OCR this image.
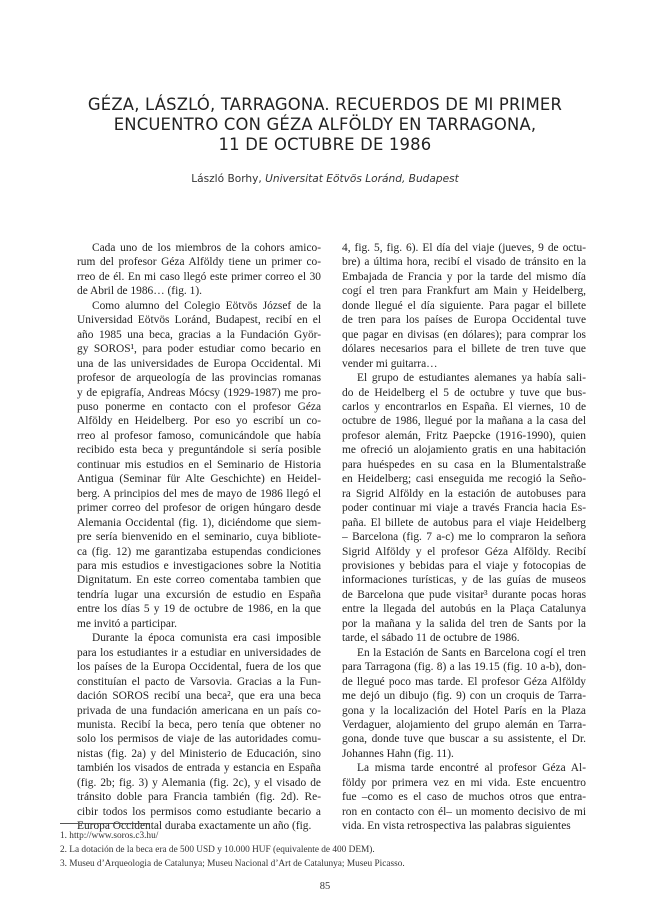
GÉZA, LÁSZLÓ, TARRAGONA. RECUERDOS DE MI PRIMER
ENCUENTRO CON GÉZA ALFÖLDY EN TARRAGONA,
11 DE OCTUBRE DE 1986
László Borhy, Universitat Eötvös Loránd, Budapest
Cada uno de los miembros de la cohors amico-
rum del profesor Géza Alföldy tiene un primer co-
rreo de él. En mi caso llegó este primer correo el 30
de Abril de 1986… (fig. 1).
Como alumno del Colegio Eötvös József de la
Universidad Eötvös Loránd, Budapest, recibí en el
año 1985 una beca, gracias a la Fundación Györ-
gy SOROS¹, para poder estudiar como becario en
una de las universidades de Europa Occidental. Mi
profesor de arqueología de las provincias romanas
y de epigrafía, Andreas Mócsy (1929-1987) me pro-
puso ponerme en contacto con el profesor Géza
Alföldy en Heidelberg. Por eso yo escribí un co-
rreo al profesor famoso, comunicándole que había
recibido esta beca y preguntándole si sería posible
continuar mis estudios en el Seminario de Historia
Antigua (Seminar für Alte Geschichte) en Heidel-
berg. A principios del mes de mayo de 1986 llegó el
primer correo del profesor de origen húngaro desde
Alemania Occidental (fig. 1), diciéndome que siem-
pre sería bienvenido en el seminario, cuya bibliote-
ca (fig. 12) me garantizaba estupendas condiciones
para mis estudios e investigaciones sobre la Notitia
Dignitatum. En este correo comentaba tambien que
tendría lugar una excursión de estudio en España
entre los días 5 y 19 de octubre de 1986, en la que
me invitó a participar.
Durante la época comunista era casi imposible
para los estudiantes ir a estudiar en universidades de
los países de la Europa Occidental, fuera de los que
constituían el pacto de Varsovia. Gracias a la Fun-
dación SOROS recibí una beca², que era una beca
privada de una fundación americana en un país co-
munista. Recibí la beca, pero tenía que obtener no
solo los permisos de viaje de las autoridades comu-
nistas (fig. 2a) y del Ministerio de Educación, sino
también los visados de entrada y estancia en España
(fig. 2b; fig. 3) y Alemania (fig. 2c), y el visado de
tránsito doble para Francia también (fig. 2d). Re-
cibir todos los permisos como estudiante becario a
Europa Occidental duraba exactamente un año (fig.
4, fig. 5, fig. 6). El día del viaje (jueves, 9 de octu-
bre) a última hora, recibí el visado de tránsito en la
Embajada de Francia y por la tarde del mismo día
cogí el tren para Frankfurt am Main y Heidelberg,
donde llegué el día siguiente. Para pagar el billete
de tren para los países de Europa Occidental tuve
que pagar en divisas (en dólares); para comprar los
dólares necesarios para el billete de tren tuve que
vender mi guitarra…
El grupo de estudiantes alemanes ya había sali-
do de Heidelberg el 5 de octubre y tuve que bus-
carlos y encontrarlos en España. El viernes, 10 de
octubre de 1986, llegué por la mañana a la casa del
profesor alemán, Fritz Paepcke (1916-1990), quien
me ofreció un alojamiento gratis en una habitación
para huéspedes en su casa en la Blumentalstraße
en Heidelberg; casi enseguida me recogió la Seño-
ra Sigrid Alföldy en la estación de autobuses para
poder continuar mi viaje a través Francia hacia Es-
paña. El billete de autobus para el viaje Heidelberg
– Barcelona (fig. 7 a-c) me lo compraron la señora
Sigrid Alföldy y el profesor Géza Alföldy. Recibí
provisiones y bebidas para el viaje y fotocopias de
informaciones turísticas, y de las guías de museos
de Barcelona que pude visitar³ durante pocas horas
entre la llegada del autobús en la Plaça Catalunya
por la mañana y la salida del tren de Sants por la
tarde, el sábado 11 de octubre de 1986.
En la Estación de Sants en Barcelona cogí el tren
para Tarragona (fig. 8) a las 19.15 (fig. 10 a-b), don-
de llegué poco mas tarde. El profesor Géza Alföldy
me dejó un dibujo (fig. 9) con un croquis de Tarra-
gona y la localización del Hotel París en la Plaza
Verdaguer, alojamiento del grupo alemán en Tarra-
gona, donde tuve que buscar a su assistente, el Dr.
Johannes Hahn (fig. 11).
La misma tarde encontré al profesor Géza Al-
földy por primera vez en mi vida. Este encuentro
fue –como es el caso de muchos otros que entra-
ron en contacto con él– un momento decisivo de mi
vida. En vista retrospectiva las palabras siguientes
1. http://www.soros.c3.hu/
2. La dotación de la beca era de 500 USD y 10.000 HUF (equivalente de 400 DEM).
3. Museu d’Arqueologia de Catalunya; Museu Nacional d’Art de Catalunya; Museu Picasso.
85
